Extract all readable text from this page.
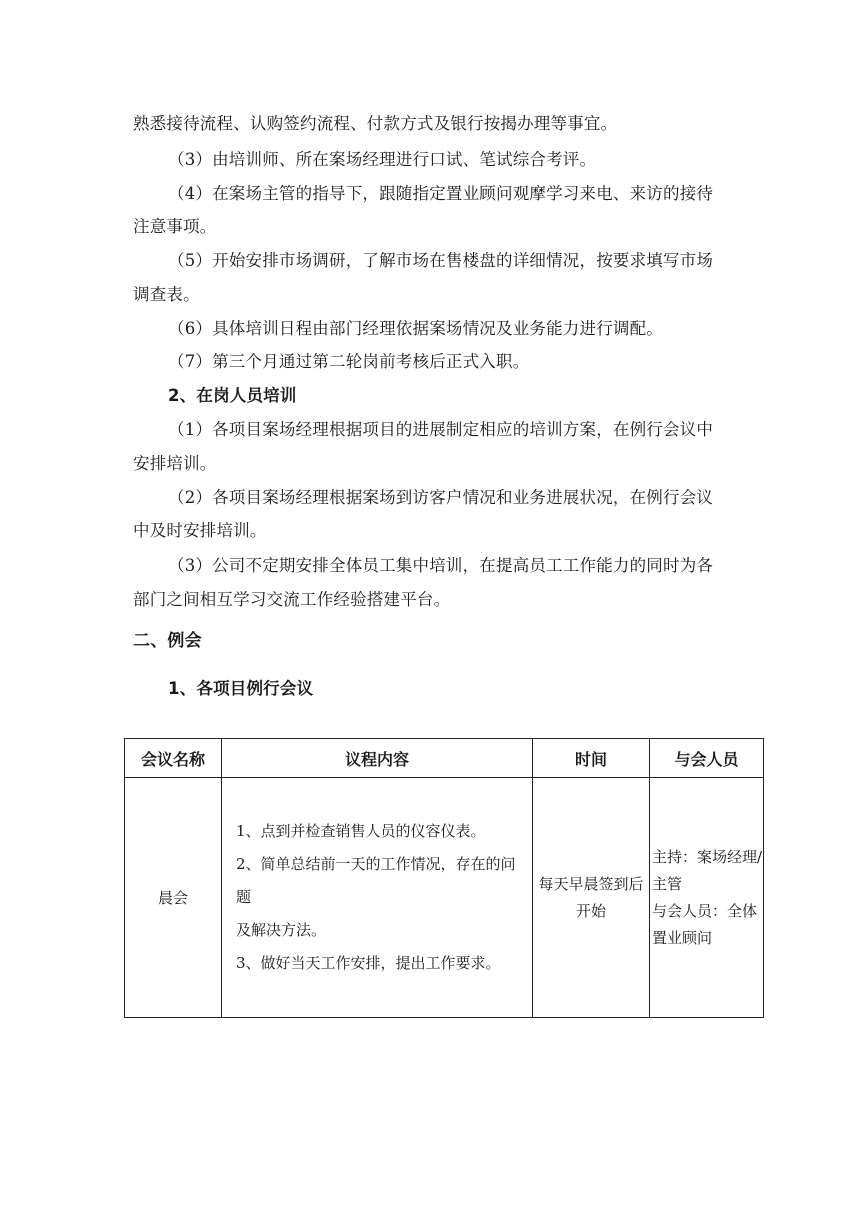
熟悉接待流程、认购签约流程、付款方式及银行按揭办理等事宜。
（3）由培训师、所在案场经理进行口试、笔试综合考评。
（4）在案场主管的指导下，跟随指定置业顾问观摩学习来电、来访的接待
注意事项。
（5）开始安排市场调研，了解市场在售楼盘的详细情况，按要求填写市场
调查表。
（6）具体培训日程由部门经理依据案场情况及业务能力进行调配。
（7）第三个月通过第二轮岗前考核后正式入职。
2、在岗人员培训
（1）各项目案场经理根据项目的进展制定相应的培训方案，在例行会议中
安排培训。
（2）各项目案场经理根据案场到访客户情况和业务进展状况，在例行会议
中及时安排培训。
（3）公司不定期安排全体员工集中培训，在提高员工工作能力的同时为各
部门之间相互学习交流工作经验搭建平台。
二、例会
1、各项目例行会议
会议名称	议程内容	时间	与会人员
晨会	1、点到并检查销售人员的仪容仪表。
2、简单总结前一天的工作情况，存在的问题
及解决方法。
3、做好当天工作安排，提出工作要求。	每天早晨签到后
开始	主持：案场经理/
主管
与会人员：全体
置业顾问
